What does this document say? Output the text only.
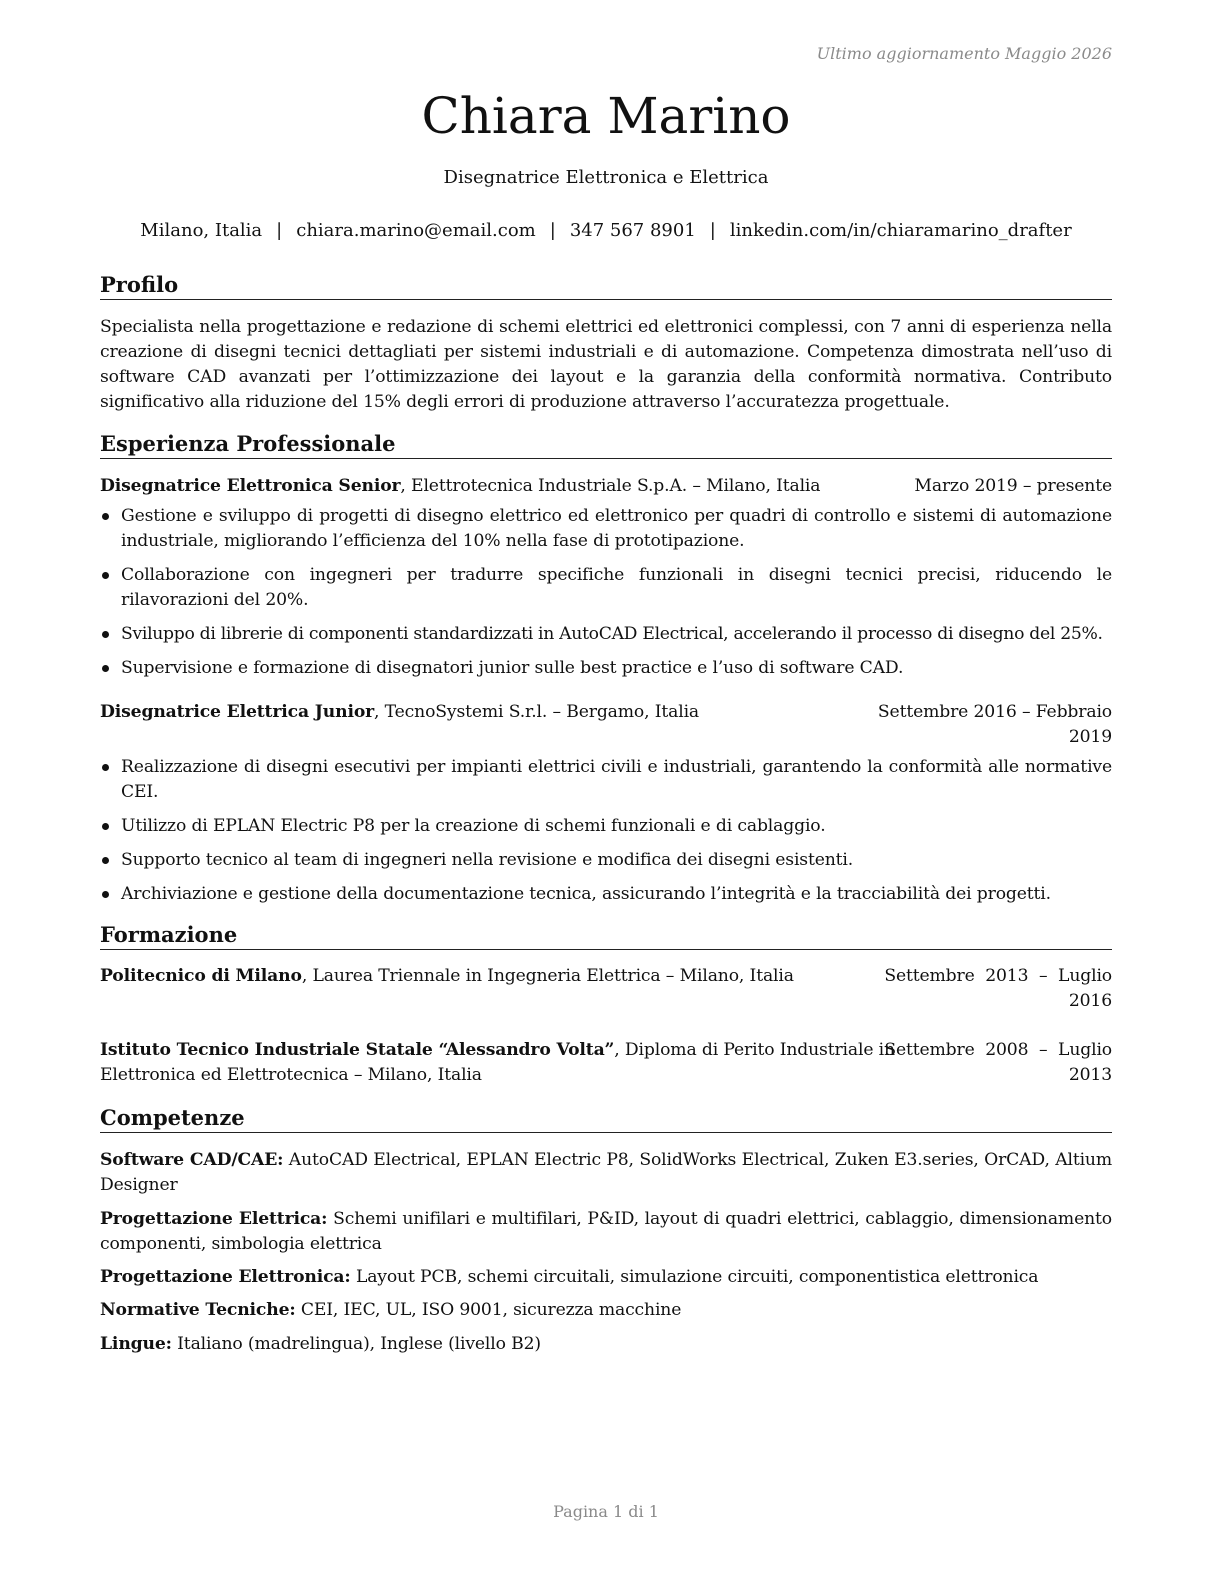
Ultimo aggiornamento Maggio 2026
Chiara Marino
Disegnatrice Elettronica e Elettrica
Milano, Italia | chiara.marino@email.com | 347 567 8901 | linkedin.com/in/chiaramarino_drafter
Profilo
Specialista nella progettazione e redazione di schemi elettrici ed elettronici complessi, con 7 anni di esperienza nella creazione di disegni tecnici dettagliati per sistemi industriali e di automazione. Competenza dimostrata nell’uso di software CAD avanzati per l’ottimizzazione dei layout e la garanzia della conformità normativa. Contributo significativo alla riduzione del 15% degli errori di produzione attraverso l’accuratezza progettuale.
Esperienza Professionale
Disegnatrice Elettronica Senior, Elettrotecnica Industriale S.p.A. – Milano, Italia	Marzo 2019 – presente
Gestione e sviluppo di progetti di disegno elettrico ed elettronico per quadri di controllo e sistemi di automazione industriale, migliorando l’efficienza del 10% nella fase di prototipazione.
Collaborazione con ingegneri per tradurre specifiche funzionali in disegni tecnici precisi, riducendo le rilavorazioni del 20%.
Sviluppo di librerie di componenti standardizzati in AutoCAD Electrical, accelerando il processo di disegno del 25%.
Supervisione e formazione di disegnatori junior sulle best practice e l’uso di software CAD.
Disegnatrice Elettrica Junior, TecnoSystemi S.r.l. – Bergamo, Italia	Settembre 2016 – Febbraio
2019
Realizzazione di disegni esecutivi per impianti elettrici civili e industriali, garantendo la conformità alle normative CEI.
Utilizzo di EPLAN Electric P8 per la creazione di schemi funzionali e di cablaggio.
Supporto tecnico al team di ingegneri nella revisione e modifica dei disegni esistenti.
Archiviazione e gestione della documentazione tecnica, assicurando l’integrità e la tracciabilità dei progetti.
Formazione
Politecnico di Milano, Laurea Triennale in Ingegneria Elettrica – Milano, Italia	Settembre  2013  –  Luglio
2016
Istituto Tecnico Industriale Statale “Alessandro Volta”, Diploma di Perito Industriale in
Elettronica ed Elettrotecnica – Milano, Italia
Settembre  2008  –  Luglio
2013
Competenze
Software CAD/CAE: AutoCAD Electrical, EPLAN Electric P8, SolidWorks Electrical, Zuken E3.series, OrCAD, Altium Designer
Progettazione Elettrica: Schemi unifilari e multifilari, P&ID, layout di quadri elettrici, cablaggio, dimensionamento componenti, simbologia elettrica
Progettazione Elettronica: Layout PCB, schemi circuitali, simulazione circuiti, componentistica elettronica
Normative Tecniche: CEI, IEC, UL, ISO 9001, sicurezza macchine
Lingue: Italiano (madrelingua), Inglese (livello B2)
Pagina 1 di 1
